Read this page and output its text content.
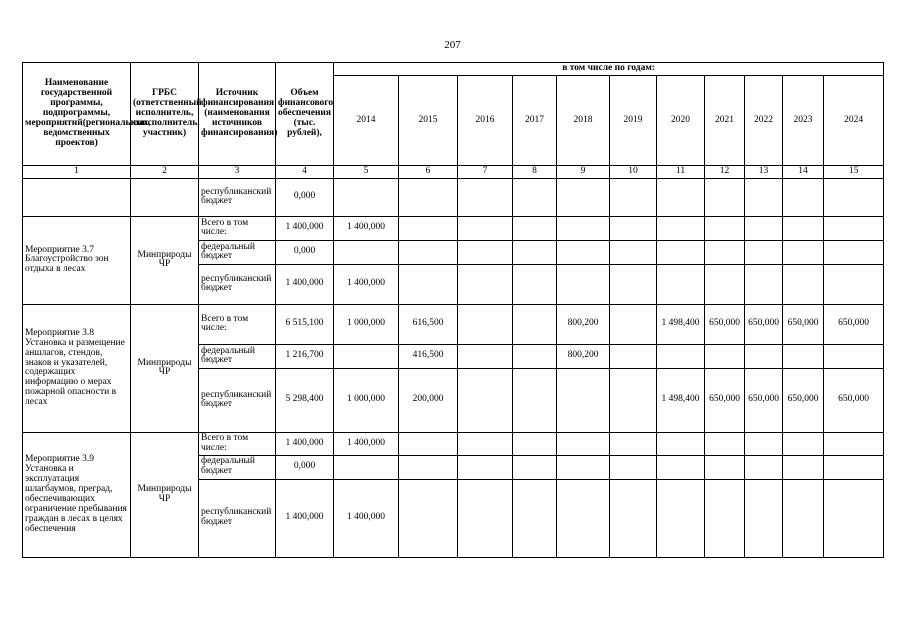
207
Наименование государственной программы, подпрограммы, мероприятий(региональных, ведомственных проектов)	ГРБС (ответственный исполнитель, соисполнитель, участник)	Источник финансирования (наименования источников финансирования)	Объем финансового обеспечения (тыс. рублей),	в том числе по годам:										
				2014	2015	2016	2017	2018	2019	2020	2021	2022	2023	2024
1	2	3	4	5	6	7	8	9	10	11	12	13	14	15
		республиканский бюджет	0,000											
Мероприятие 3.7 Благоустройство зон отдыха в лесах	Минприроды ЧР	Всего в том числе:	1 400,000	1 400,000										
		федеральный бюджет	0,000											
		республиканский бюджет	1 400,000	1 400,000										
Мероприятие 3.8 Установка и размещение аншлагов, стендов, знаков и указателей, содержащих информацию о мерах пожарной опасности в лесах	Минприроды ЧР	Всего в том числе:	6 515,100	1 000,000	616,500			800,200		1 498,400	650,000	650,000	650,000	650,000
		федеральный бюджет	1 216,700		416,500			800,200						
		республиканский бюджет	5 298,400	1 000,000	200,000					1 498,400	650,000	650,000	650,000	650,000
Мероприятие 3.9 Установка и эксплуатация шлагбаумов, преград, обеспечивающих ограничение пребывания граждан в лесах в целях обеспечения	Минприроды ЧР	Всего в том числе:	1 400,000	1 400,000										
		федеральный бюджет	0,000											
		республиканский бюджет	1 400,000	1 400,000										
